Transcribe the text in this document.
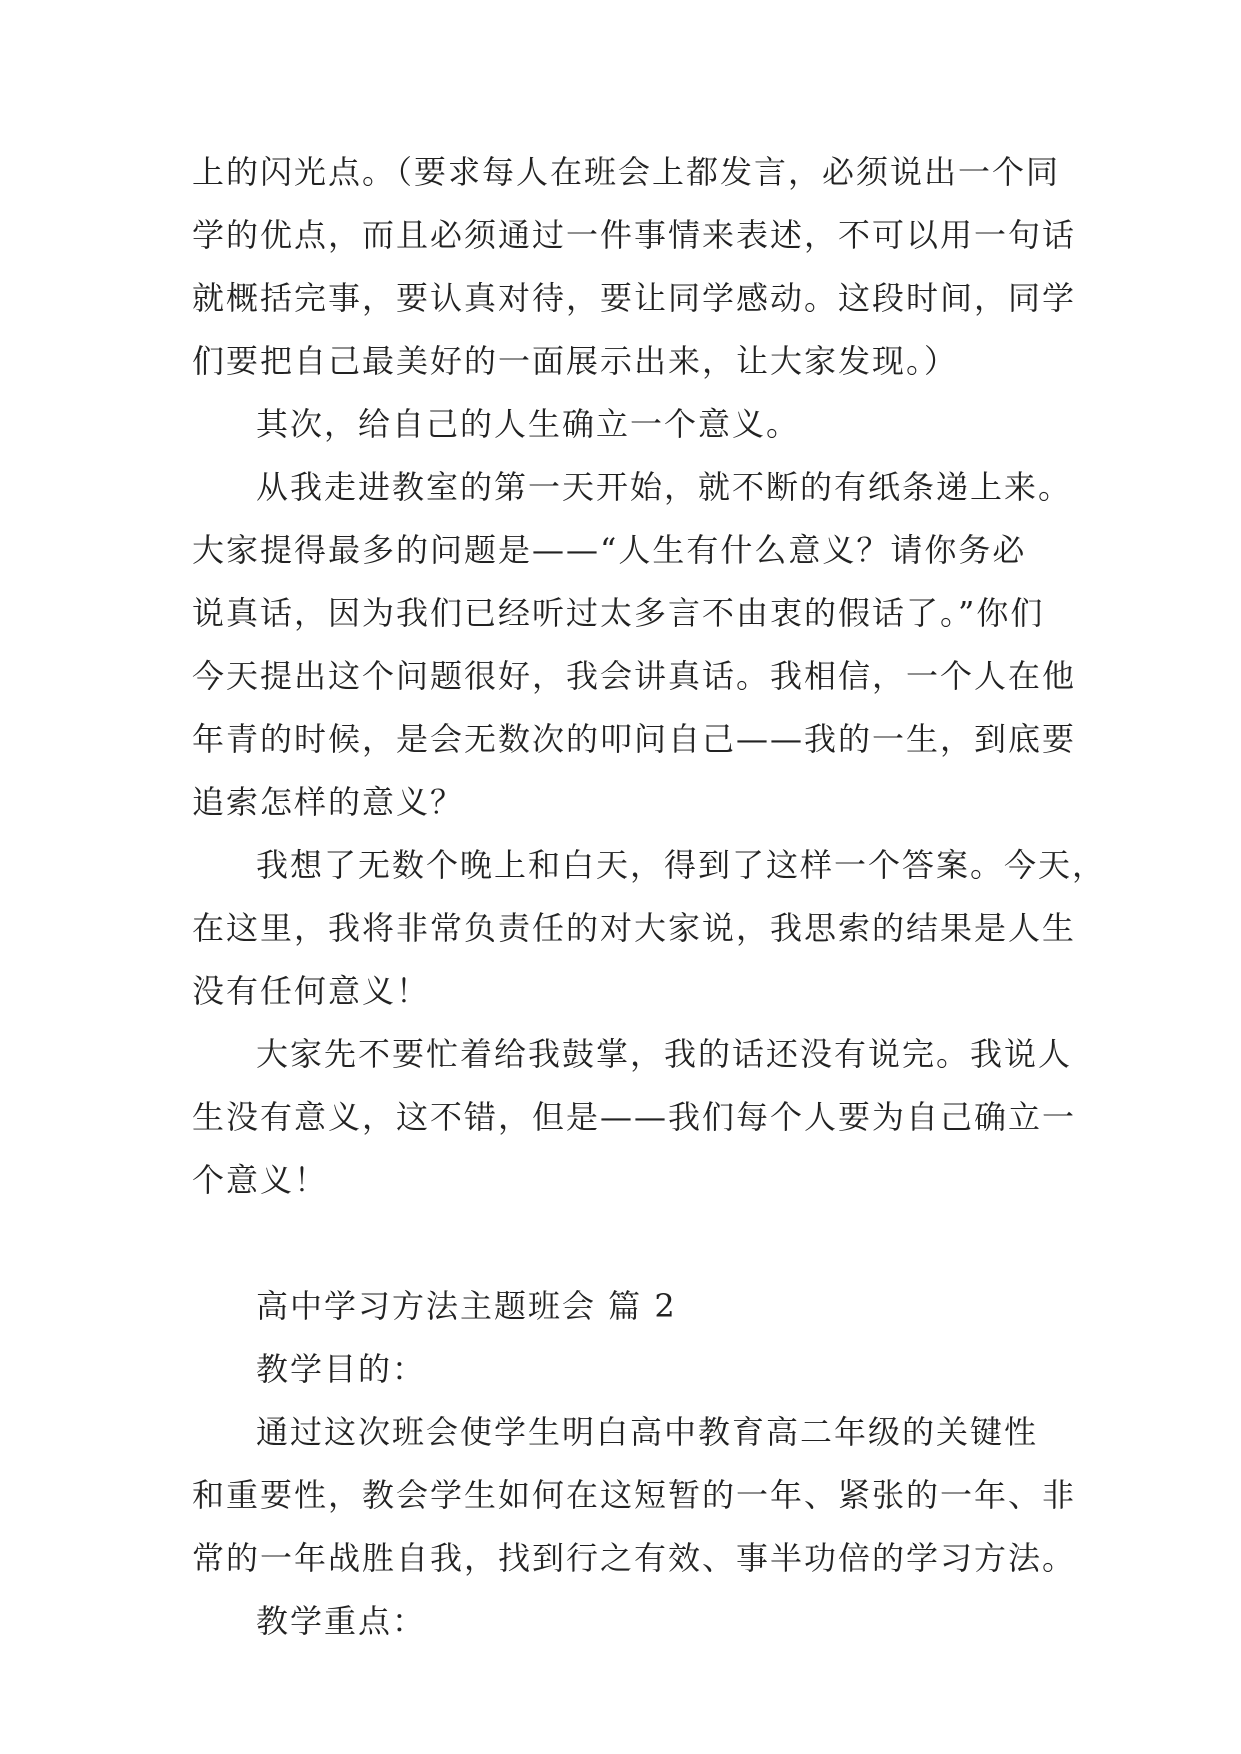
上的闪光点。（要求每人在班会上都发言，必须说出一个同
学的优点，而且必须通过一件事情来表述，不可以用一句话
就概括完事，要认真对待，要让同学感动。这段时间，同学
们要把自己最美好的一面展示出来，让大家发现。）
其次，给自己的人生确立一个意义。
从我走进教室的第一天开始，就不断的有纸条递上来。
大家提得最多的问题是——“人生有什么意义？请你务必
说真话，因为我们已经听过太多言不由衷的假话了。”你们
今天提出这个问题很好，我会讲真话。我相信，一个人在他
年青的时候，是会无数次的叩问自己——我的一生，到底要
追索怎样的意义？
我想了无数个晚上和白天，得到了这样一个答案。今天，
在这里，我将非常负责任的对大家说，我思索的结果是人生
没有任何意义！
大家先不要忙着给我鼓掌，我的话还没有说完。我说人
生没有意义，这不错，但是——我们每个人要为自己确立一
个意义！
高中学习方法主题班会 篇 2
教学目的：
通过这次班会使学生明白高中教育高二年级的关键性
和重要性，教会学生如何在这短暂的一年、紧张的一年、非
常的一年战胜自我，找到行之有效、事半功倍的学习方法。
教学重点：
